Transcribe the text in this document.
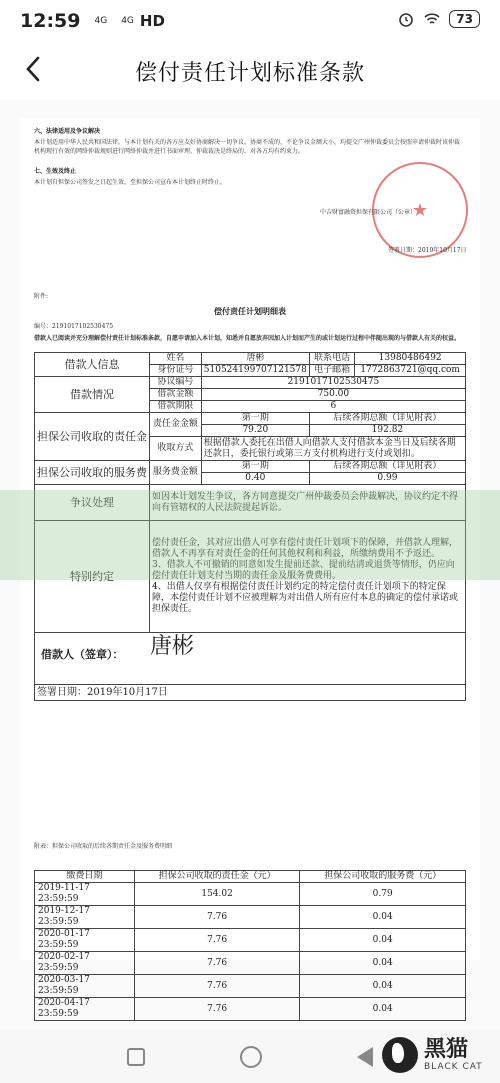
12:59 4G 4G HD	73
偿付责任计划标准条款
六、法律适用及争议解决
本计划适用中华人民共和国法律。与本计划有关的各方应友好协商解决一切争议。协商不成的，不论争议金额大小，均提交广州仲裁委员会按照申请仲裁时该仲裁机构现行有效的网络仲裁规则进行网络仲裁并进行书面审理。仲裁裁决是终局的，对各方均有约束力。
七、生效及终止
本计划自担保公司签发之日起生效，至担保公司宣布本计划终止时终止。
★
中吉财富融资担保有限公司（公章）
签署日期：2019年10月17日
附件:
偿付责任计划明细表
编号：2191017102530475
借款人已阅读并充分理解偿付责任计划标准条款，自愿申请加入本计划，知悉并自愿放弃因加入计划而产生的或计划运行过程中伴随出现的与借款人有关的权益。
借款人信息	姓名	唐彬	联系电话	13980486492
	身份证号	510524199707121578	电子邮箱	1772863721@qq.com
借款情况	协议编号	2191017102530475		
	借款金额	750.00		
	借款期限	6		
担保公司收取的责任金	责任金金额	第一期	后续各期总额（详见附表）	
		79.20	192.82	
	收取方式	根据借款人委托在出借人向借款人支付借款本金当日及后续各期还款日，委托银行或第三方支付机构进行支付或划扣。		

担保公司收取的服务费	服务费金额	第一期	后续各期总额（详见附表）	
		0.40	0.99	
争议处理	如因本计划发生争议，各方同意提交广州仲裁委员会仲裁解决，协议约定不得向有管辖权的人民法院提起诉讼。			
特别约定	偿付责任金，其对应出借人可享有偿付责任计划项下的保障，并借款人理解，借款人不再享有对责任金的任何其他权利和利益，所缴纳费用不予返还。
3、借款人不可撤销的同意如发生提前还款、提前结清或退货等情形，仍应向偿付责任计划支付当期的责任金及服务费费用。
4、出借人仅享有根据偿付责任计划约定的特定偿付责任计划项下的特定保障，本偿付责任计划不应被理解为对出借人所有应付本息的确定的偿付承诺或担保责任。			

借款人（签章）： 唐彬				

签署日期：2019年10月17日				
附表：担保公司收取的后续各期责任金及服务费明细
缴费日期	担保公司收取的责任金（元）	担保公司收取的服务费（元）
2019-11-17 23:59:59	154.02	0.79
2019-12-17 23:59:59	7.76	0.04
2020-01-17 23:59:59	7.76	0.04
2020-02-17 23:59:59	7.76	0.04
2020-03-17 23:59:59	7.76	0.04
2020-04-17 23:59:59	7.76	0.04
黑猫
BLACK CAT
